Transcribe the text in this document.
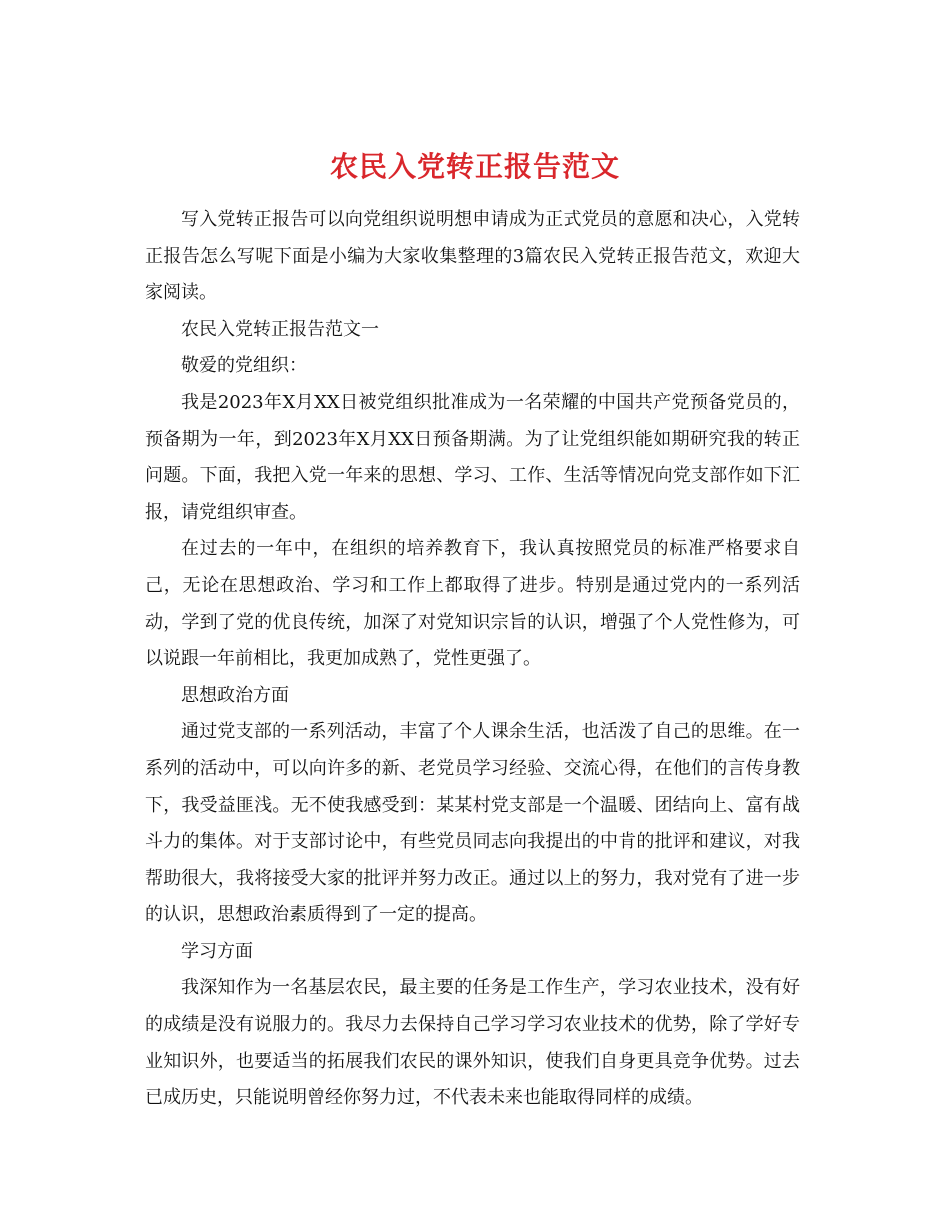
农民入党转正报告范文

写入党转正报告可以向党组织说明想申请成为正式党员的意愿和决心，入党转正报告怎么写呢下面是小编为大家收集整理的3篇农民入党转正报告范文，欢迎大家阅读。

农民入党转正报告范文一

敬爱的党组织：

我是2023年X月XX日被党组织批准成为一名荣耀的中国共产党预备党员的，预备期为一年，到2023年X月XX日预备期满。为了让党组织能如期研究我的转正问题。下面，我把入党一年来的思想、学习、工作、生活等情况向党支部作如下汇报，请党组织审查。

在过去的一年中，在组织的培养教育下，我认真按照党员的标准严格要求自己，无论在思想政治、学习和工作上都取得了进步。特别是通过党内的一系列活动，学到了党的优良传统，加深了对党知识宗旨的认识，增强了个人党性修为，可以说跟一年前相比，我更加成熟了，党性更强了。

思想政治方面

通过党支部的一系列活动，丰富了个人课余生活，也活泼了自己的思维。在一系列的活动中，可以向许多的新、老党员学习经验、交流心得，在他们的言传身教下，我受益匪浅。无不使我感受到：某某村党支部是一个温暖、团结向上、富有战斗力的集体。对于支部讨论中，有些党员同志向我提出的中肯的批评和建议，对我帮助很大，我将接受大家的批评并努力改正。通过以上的努力，我对党有了进一步的认识，思想政治素质得到了一定的提高。

学习方面

我深知作为一名基层农民，最主要的任务是工作生产，学习农业技术，没有好的成绩是没有说服力的。我尽力去保持自己学习学习农业技术的优势，除了学好专业知识外，也要适当的拓展我们农民的课外知识，使我们自身更具竞争优势。过去已成历史，只能说明曾经你努力过，不代表未来也能取得同样的成绩。
